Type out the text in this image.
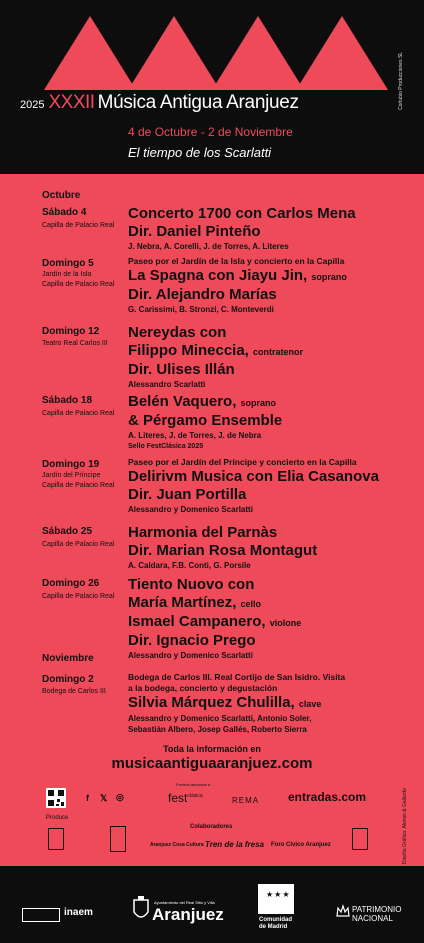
2025 XXXII Música Antigua Aranjuez
4 de Octubre - 2 de Noviembre
El tiempo de los Scarlatti
Cortubio Producciones SL
Octubre
Noviembre
Sábado 4
Capilla de Palacio Real
Concerto 1700 con Carlos Mena
Dir. Daniel Pinteño
J. Nebra, A. Corelli, J. de Torres, A. Literes
Domingo 5
Jardín de la Isla
Capilla de Palacio Real
Paseo por el Jardín de la Isla y concierto en la Capilla
La Spagna con Jiayu Jin, soprano
Dir. Alejandro Marías
G. Carissimi, B. Stronzi, C. Monteverdi
Domingo 12
Teatro Real Carlos III
Nereydas con
Filippo Mineccia, contratenor
Dir. Ulises Illán
Alessandro Scarlatti
Sábado 18
Capilla de Palacio Real
Belén Vaquero, soprano
& Pérgamo Ensemble
A. Literes, J. de Torres, J. de Nebra
Sello FestClásica 2025
Domingo 19
Jardín del Príncipe
Capilla de Palacio Real
Paseo por el Jardín del Príncipe y concierto en la Capilla
Delirivm Musica con Elia Casanova
Dir. Juan Portilla
Alessandro y Domenico Scarlatti
Sábado 25
Capilla de Palacio Real
Harmonia del Parnàs
Dir. Marian Rosa Montagut
A. Caldara, F.B. Conti, G. Porsile
Domingo 26
Capilla de Palacio Real
Tiento Nuovo con
María Martínez, cello
Ismael Campanero, violone
Dir. Ignacio Prego
Alessandro y Domenico Scarlatti
Domingo 2
Bodega de Carlos III
Bodega de Carlos III. Real Cortijo de San Isidro. Visita
a la bodega, concierto y degustación
Silvia Márquez Chulilla, clave
Alessandro y Domenico Scarlatti, Antonio Soler,
Sebastián Albero, Josep Gallés, Roberto Sierra
Toda la información en
musicaantiguaaranjuez.com
f 𝕏 ◎
Festival asociado a
fest$^{clásica}$	REMA entradas.com
Produce
Colaboradores
Aranjuez Cosa Cultura Tren de la fresa Foro Cívico Aranjuez	Diseño Gráfico: Alonso & Gallardo
inaem
Ayuntamiento del Real Sitio y Villa
Aranjuez
★★★
Comunidad
de Madrid
PATRIMONIO
NACIONAL
